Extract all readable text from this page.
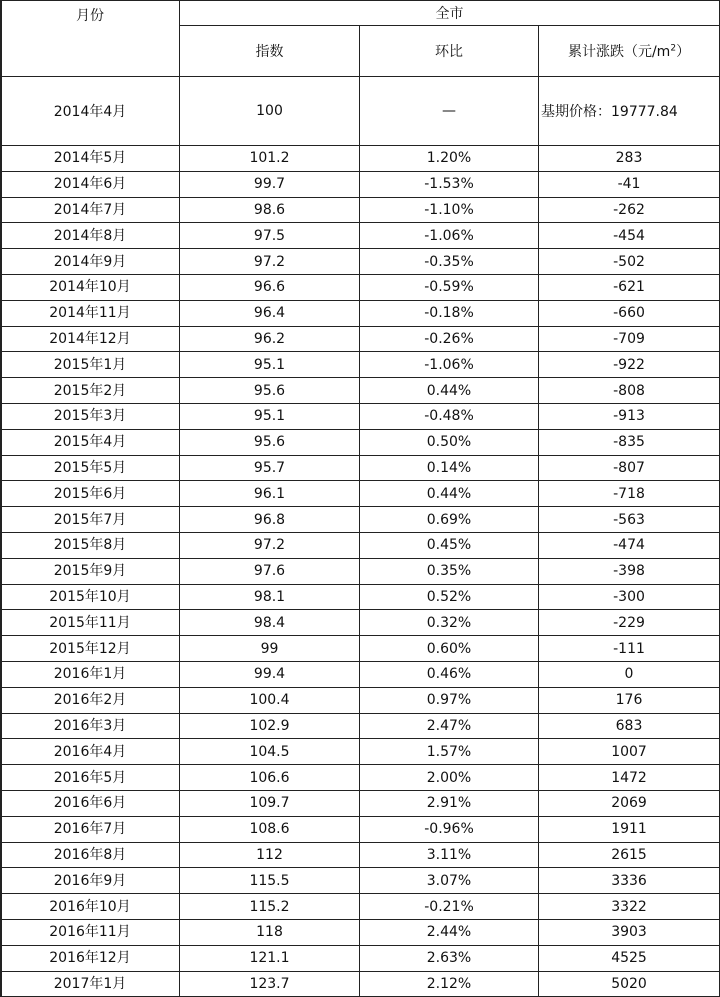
月份	全市		
	指数	环比	累计涨跌（元$/m^2$）
2014年4月	100	—	基期价格：19777.84
2014年5月	101.2	1.20%	283
2014年6月	99.7	-1.53%	-41
2014年7月	98.6	-1.10%	-262
2014年8月	97.5	-1.06%	-454
2014年9月	97.2	-0.35%	-502
2014年10月	96.6	-0.59%	-621
2014年11月	96.4	-0.18%	-660
2014年12月	96.2	-0.26%	-709
2015年1月	95.1	-1.06%	-922
2015年2月	95.6	0.44%	-808
2015年3月	95.1	-0.48%	-913
2015年4月	95.6	0.50%	-835
2015年5月	95.7	0.14%	-807
2015年6月	96.1	0.44%	-718
2015年7月	96.8	0.69%	-563
2015年8月	97.2	0.45%	-474
2015年9月	97.6	0.35%	-398
2015年10月	98.1	0.52%	-300
2015年11月	98.4	0.32%	-229
2015年12月	99	0.60%	-111
2016年1月	99.4	0.46%	0
2016年2月	100.4	0.97%	176
2016年3月	102.9	2.47%	683
2016年4月	104.5	1.57%	1007
2016年5月	106.6	2.00%	1472
2016年6月	109.7	2.91%	2069
2016年7月	108.6	-0.96%	1911
2016年8月	112	3.11%	2615
2016年9月	115.5	3.07%	3336
2016年10月	115.2	-0.21%	3322
2016年11月	118	2.44%	3903
2016年12月	121.1	2.63%	4525
2017年1月	123.7	2.12%	5020
